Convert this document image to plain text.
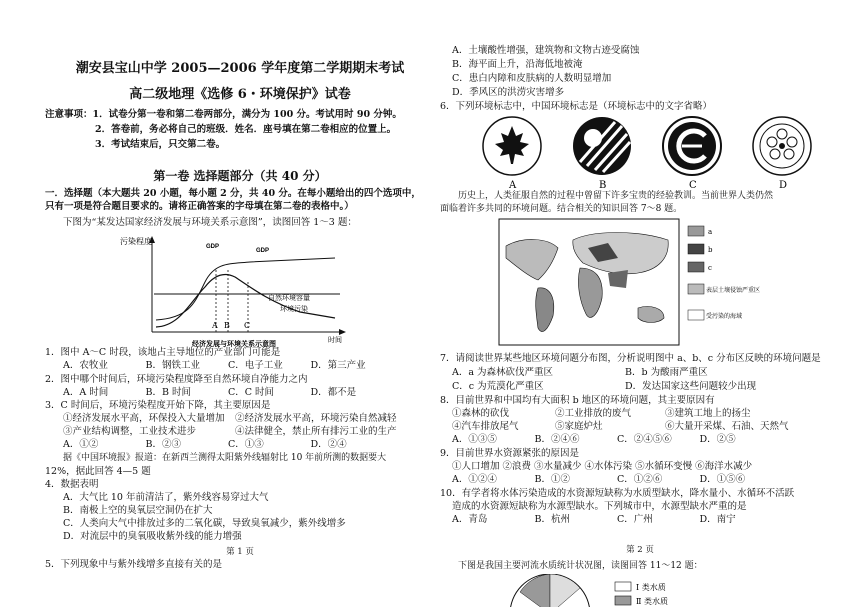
潮安县宝山中学 2005—2006 学年度第二学期期末考试
高二级地理《选修 6・环境保护》试卷
注意事项：1．试卷分第一卷和第二卷两部分，满分为 100 分。考试用时 90 分钟。
2．答卷前，务必将自己的班级．姓名．座号填在第二卷相应的位置上。
3．考试结束后，只交第二卷。
第一卷 选择题部分（共 40 分）
一．选择题（本大题共 20 小题，每小题 2 分，共 40 分。在每小题给出的四个选项中，
只有一项是符合题目要求的。请将正确答案的字母填在第二卷的表格中。）
下图为“某发达国家经济发展与环境关系示意图”，读图回答 1～3 题：
污染程度
GDP
GDP
自然环境容量
环境污染
A B C
时间
经济发展与环境关系示意图
1．图中 A～C 时段，该地占主导地位的产业部门可能是
A．农牧业	B．钢铁工业	C．电子工业	D．第三产业
2．图中哪个时间后，环境污染程度降至自然环境自净能力之内
A．A 时间	B．B 时间	C．C 时间	D．都不是
3．C 时间后，环境污染程度开始下降，其主要原因是
①经济发展水平高，环保投入大量增加	②经济发展水平高，环境污染自然减轻
③产业结构调整，工业技术进步	④法律健全，禁止所有排污工业的生产
A．①②	B．②③	C．①③	D．②④
据《中国环境报》报道：在新西兰测得太阳紫外线辐射比 10 年前所测的数据要大
12%，据此回答 4—5 题
4．数据表明
A．大气比 10 年前清洁了，紫外线容易穿过大气
B．南极上空的臭氧层空洞仍在扩大
C．人类向大气中排放过多的二氧化碳，导致臭氧减少，紫外线增多
D．对流层中的臭氧吸收紫外线的能力增强
第 1 页
5．下列现象中与紫外线增多直接有关的是
A．土壤酸性增强，建筑物和文物古迹受腐蚀
B．海平面上升，沿海低地被淹
C．患白内障和皮肤病的人数明显增加
D．季风区的洪涝灾害增多
6．下列环境标志中，中国环境标志是（环境标志中的文字省略）
A	B	C	D
历史上，人类征服自然的过程中曾留下许多宝贵的经验教训。当前世界人类仍然
面临着许多共同的环境问题。结合相关的知识回答 7～8 题。
a
b
c
表层土壤侵蚀严重区
受污染的海域
7．请阅读世界某些地区环境问题分布图，分析说明图中 a、b、c 分布区反映的环境问题是
A．a 为森林砍伐严重区	B．b 为酸雨严重区
C．c 为荒漠化严重区	D．发达国家这些问题较少出现
8．目前世界和中国均有大面积 b 地区的环境问题，其主要原因有
①森林的砍伐	②工业排放的废气	③建筑工地上的扬尘
④汽车排放尾气	⑤家庭炉灶	⑥大量开采煤、石油、天然气
A．①③⑤	B．②④⑥	C．②④⑤⑥	D．②⑤
9．目前世界水资源紧张的原因是
①人口增加 ②浪费 ③水量减少 ④水体污染 ⑤水循环变慢 ⑥海洋水减少
A．①②④	B．①②	C．①②⑥	D．①⑤⑥
10．有学者将水体污染造成的水资源短缺称为水质型缺水，降水量小、水循环不活跃
造成的水资源短缺称为水源型缺水。下列城市中，水源型缺水严重的是
A．青岛	B．杭州	C．广州	D．南宁
第 2 页
下图是我国主要河流水质统计状况图，读图回答 11～12 题：
Ⅰ 类水质
Ⅱ 类水质
